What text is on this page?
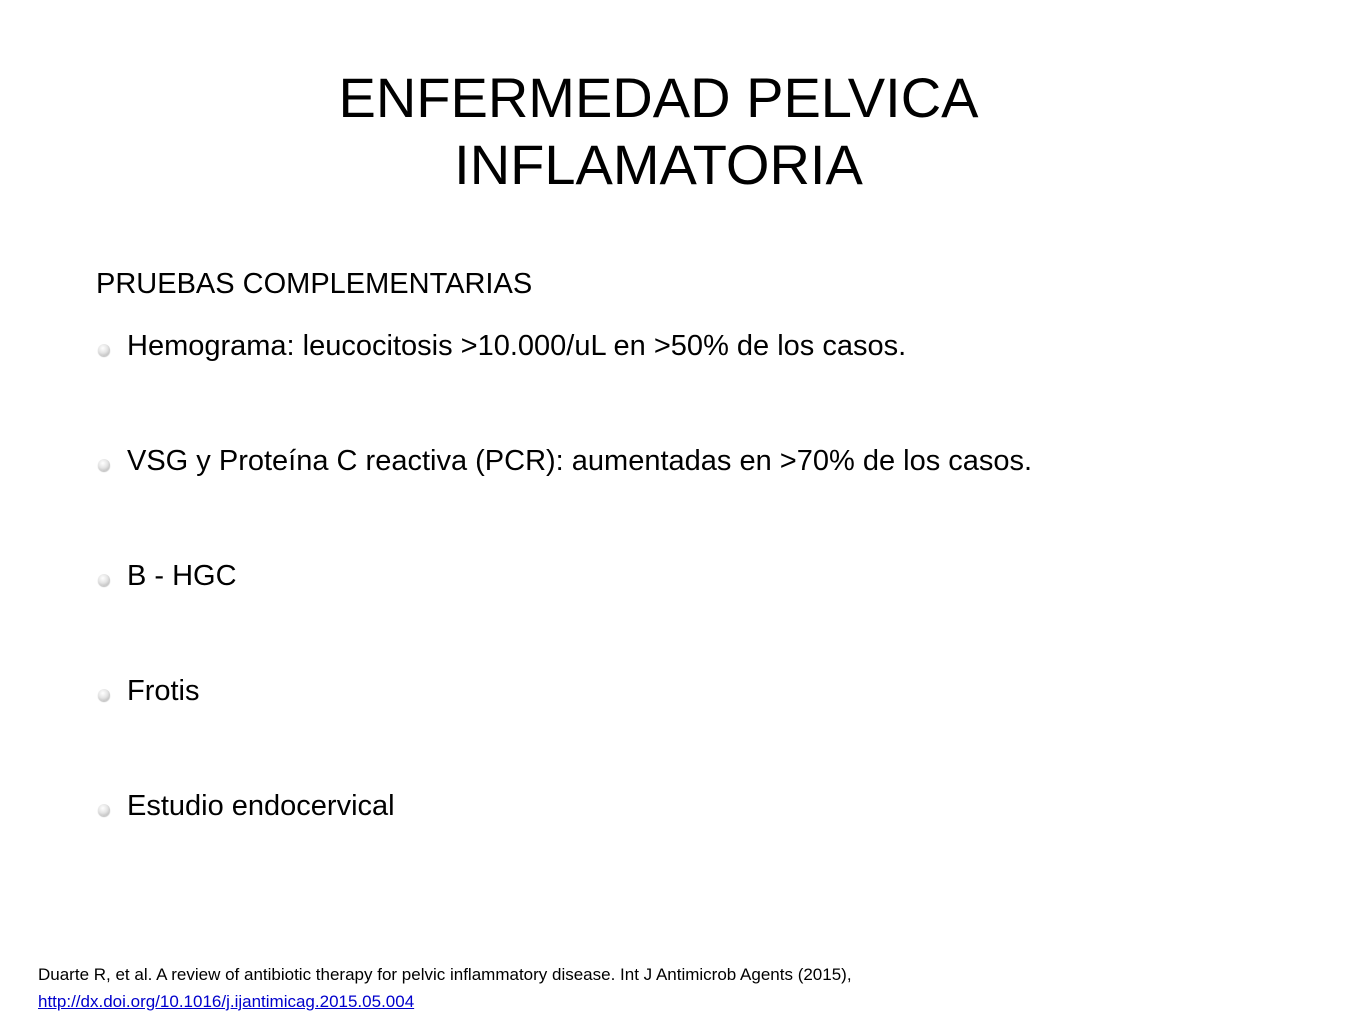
ENFERMEDAD PELVICA
INFLAMATORIA

PRUEBAS COMPLEMENTARIAS

Hemograma: leucocitosis >10.000/uL en >50% de los casos.
VSG y Proteína C reactiva (PCR): aumentadas en >70% de los casos.
B - HGC
Frotis
Estudio endocervical

Duarte R, et al. A review of antibiotic therapy for pelvic inflammatory disease. Int J Antimicrob Agents (2015),
http://dx.doi.org/10.1016/j.ijantimicag.2015.05.004
